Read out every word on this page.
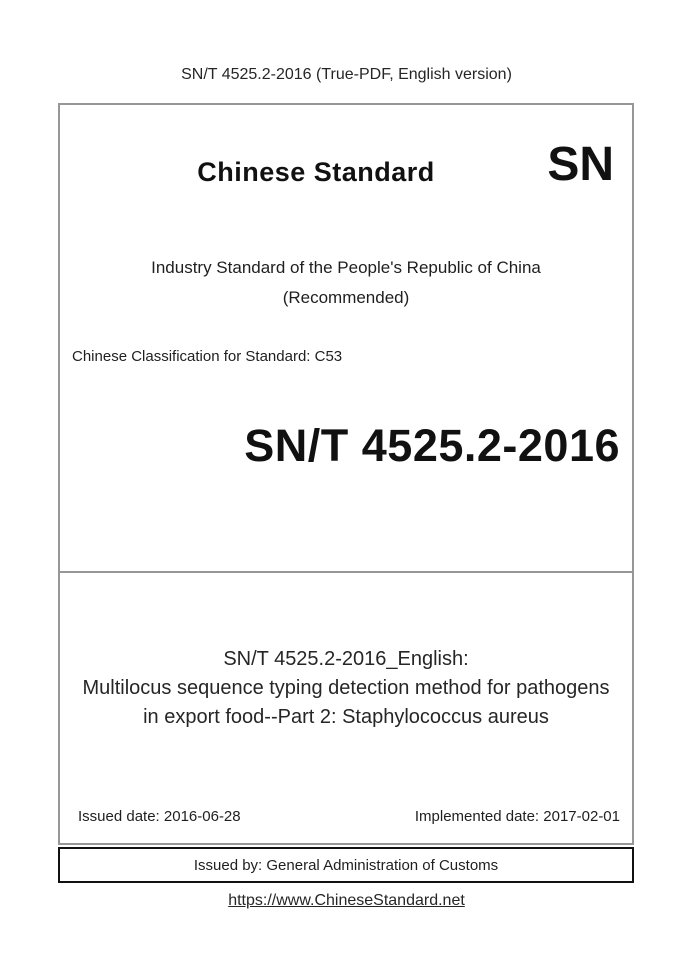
SN/T 4525.2-2016 (True-PDF, English version)
Chinese Standard	SN
Industry Standard of the People's Republic of China
(Recommended)
Chinese Classification for Standard: C53
SN/T 4525.2-2016
SN/T 4525.2-2016_English:
Multilocus sequence typing detection method for pathogens
in export food--Part 2: Staphylococcus aureus
Issued date: 2016-06-28	Implemented date: 2017-02-01
Issued by: General Administration of Customs
https://www.ChineseStandard.net
